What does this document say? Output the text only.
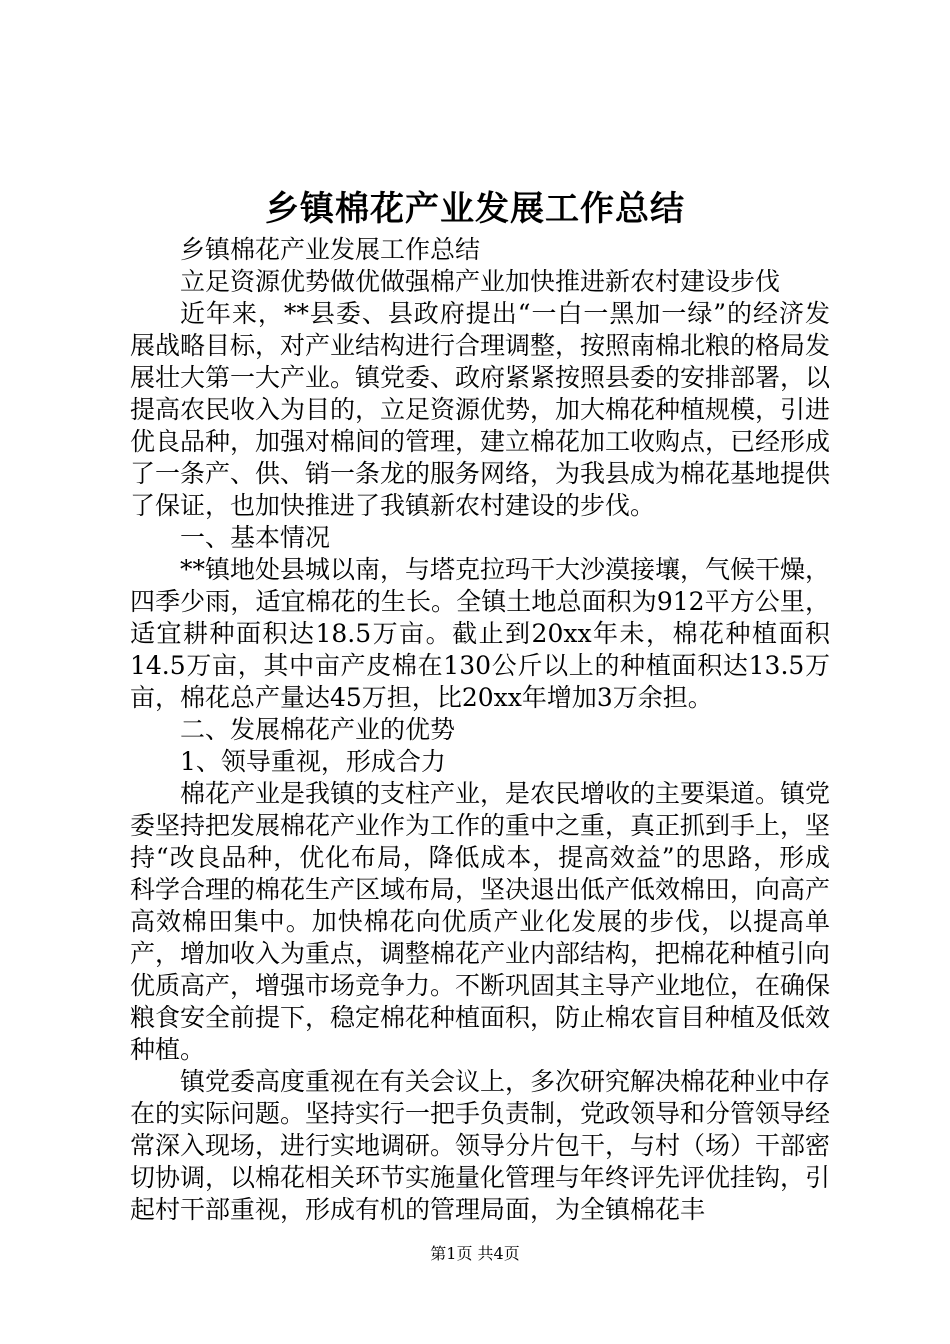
乡镇棉花产业发展工作总结

乡镇棉花产业发展工作总结

立足资源优势做优做强棉产业加快推进新农村建设步伐

近年来，**县委、县政府提出“一白一黑加一绿”的经济发展战略目标，对产业结构进行合理调整，按照南棉北粮的格局发展壮大第一大产业。镇党委、政府紧紧按照县委的安排部署，以提高农民收入为目的，立足资源优势，加大棉花种植规模，引进优良品种，加强对棉间的管理，建立棉花加工收购点，已经形成了一条产、供、销一条龙的服务网络，为我县成为棉花基地提供了保证，也加快推进了我镇新农村建设的步伐。

一、基本情况

**镇地处县城以南，与塔克拉玛干大沙漠接壤，气候干燥，四季少雨，适宜棉花的生长。全镇土地总面积为912平方公里，适宜耕种面积达18.5万亩。截止到20xx年未，棉花种植面积14.5万亩，其中亩产皮棉在130公斤以上的种植面积达13.5万亩，棉花总产量达45万担，比20xx年增加3万余担。

二、发展棉花产业的优势

1、领导重视，形成合力

棉花产业是我镇的支柱产业，是农民增收的主要渠道。镇党委坚持把发展棉花产业作为工作的重中之重，真正抓到手上，坚持“改良品种，优化布局，降低成本，提高效益”的思路，形成科学合理的棉花生产区域布局，坚决退出低产低效棉田，向高产高效棉田集中。加快棉花向优质产业化发展的步伐，以提高单产，增加收入为重点，调整棉花产业内部结构，把棉花种植引向优质高产，增强市场竞争力。不断巩固其主导产业地位，在确保粮食安全前提下，稳定棉花种植面积，防止棉农盲目种植及低效种植。

镇党委高度重视在有关会议上，多次研究解决棉花种业中存在的实际问题。坚持实行一把手负责制，党政领导和分管领导经常深入现场，进行实地调研。领导分片包干，与村（场）干部密切协调，以棉花相关环节实施量化管理与年终评先评优挂钩，引起村干部重视，形成有机的管理局面，为全镇棉花丰

第1页 共4页
